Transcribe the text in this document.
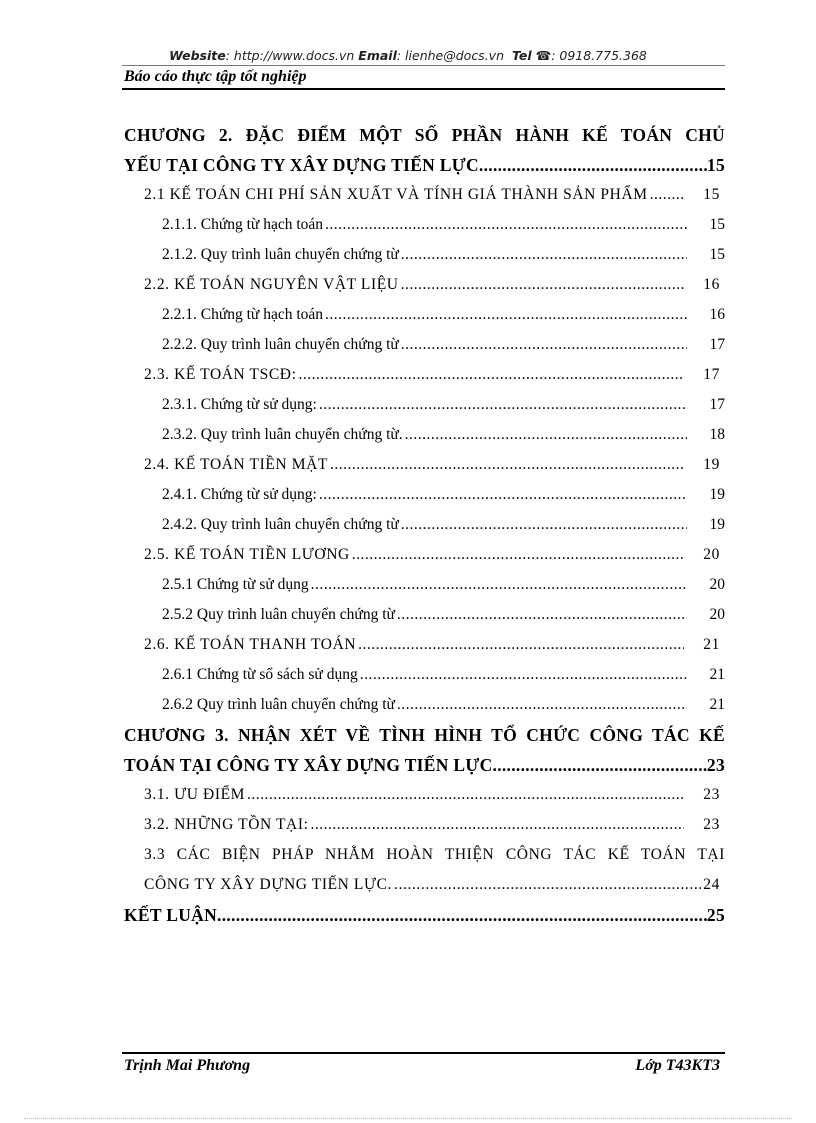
Website: http://www.docs.vn Email: lienhe@docs.vn Tel ☎: 0918.775.368
Báo cáo thực tập tốt nghiệp
CHƯƠNG 2. ĐẶC ĐIỂM MỘT SỐ PHẦN HÀNH KẾ TOÁN CHỦ
YẾU TẠI CÔNG TY XÂY DỰNG TIẾN LỰC .....	15
2.1 KẾ TOÁN CHI PHÍ SẢN XUẤT VÀ TÍNH GIÁ THÀNH SẢN PHẨM .....	15
2.1.1. Chứng từ hạch toán .....	15
2.1.2. Quy trình luân chuyển chứng từ .....	15
2.2. KẾ TOÁN NGUYÊN VẬT LIỆU .....	16
2.2.1. Chứng từ hạch toán .....	16
2.2.2. Quy trình luân chuyển chứng từ .....	17
2.3. KẾ TOÁN TSCĐ: .....	17
2.3.1. Chứng từ sử dụng: .....	17
2.3.2. Quy trình luân chuyển chứng từ. .....	18
2.4. KẾ TOÁN TIỀN MẶT .....	19
2.4.1. Chứng từ sử dụng: .....	19
2.4.2. Quy trình luân chuyển chứng từ .....	19
2.5. KẾ TOÁN TIỀN LƯƠNG .....	20
2.5.1 Chứng từ sử dụng .....	20
2.5.2 Quy trình luân chuyển chứng từ .....	20
2.6. KẾ TOÁN THANH TOÁN .....	21
2.6.1 Chứng từ sổ sách sử dụng .....	21
2.6.2 Quy trình luân chuyển chứng từ .....	21
CHƯƠNG 3. NHẬN XÉT VỀ TÌNH HÌNH TỔ CHỨC CÔNG TÁC KẾ
TOÁN TẠI CÔNG TY XÂY DỰNG TIẾN LỰC .....	23
3.1. ƯU ĐIỂM .....	23
3.2. NHỮNG TỒN TẠI: .....	23
3.3 CÁC BIỆN PHÁP NHẰM HOÀN THIỆN CÔNG TÁC KẾ TOÁN TẠI
CÔNG TY XÂY DỰNG TIẾN LỰC. .....	24
KẾT LUẬN .....	25
Trịnh Mai Phương	Lớp T43KT3
